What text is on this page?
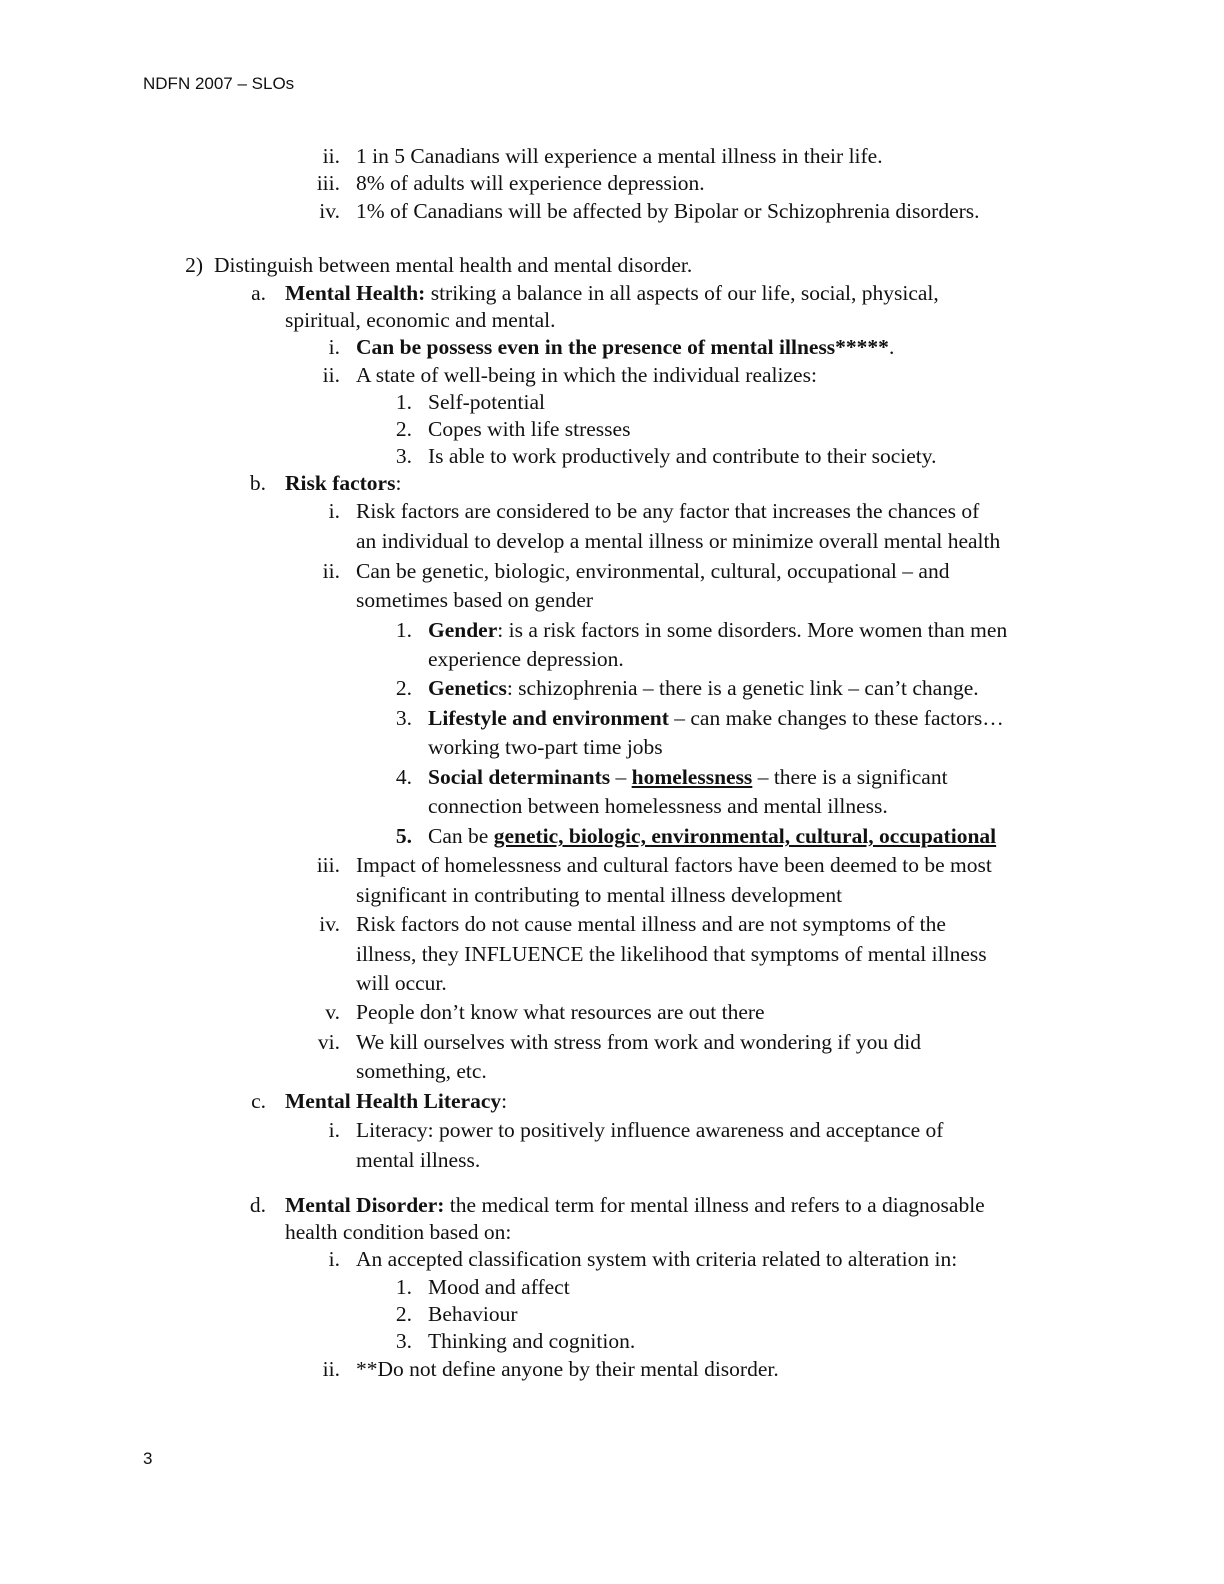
NDFN 2007 – SLOs
ii. 1 in 5 Canadians will experience a mental illness in their life.
iii. 8% of adults will experience depression.
iv. 1% of Canadians will be affected by Bipolar or Schizophrenia disorders.
2) Distinguish between mental health and mental disorder.
a. Mental Health: striking a balance in all aspects of our life, social, physical,
spiritual, economic and mental.
i. Can be possess even in the presence of mental illness*****.
ii. A state of well-being in which the individual realizes:
1. Self-potential
2. Copes with life stresses
3. Is able to work productively and contribute to their society.
b. Risk factors:
i. Risk factors are considered to be any factor that increases the chances of
an individual to develop a mental illness or minimize overall mental health
ii. Can be genetic, biologic, environmental, cultural, occupational – and
sometimes based on gender
1. Gender: is a risk factors in some disorders. More women than men
experience depression.
2. Genetics: schizophrenia – there is a genetic link – can’t change.
3. Lifestyle and environment – can make changes to these factors…
working two-part time jobs
4. Social determinants – homelessness – there is a significant
connection between homelessness and mental illness.
5. Can be genetic, biologic, environmental, cultural, occupational
iii. Impact of homelessness and cultural factors have been deemed to be most
significant in contributing to mental illness development
iv. Risk factors do not cause mental illness and are not symptoms of the
illness, they INFLUENCE the likelihood that symptoms of mental illness
will occur.
v. People don’t know what resources are out there
vi. We kill ourselves with stress from work and wondering if you did
something, etc.
c. Mental Health Literacy:
i. Literacy: power to positively influence awareness and acceptance of
mental illness.
d. Mental Disorder: the medical term for mental illness and refers to a diagnosable
health condition based on:
i. An accepted classification system with criteria related to alteration in:
1. Mood and affect
2. Behaviour
3. Thinking and cognition.
ii. **Do not define anyone by their mental disorder.
3
